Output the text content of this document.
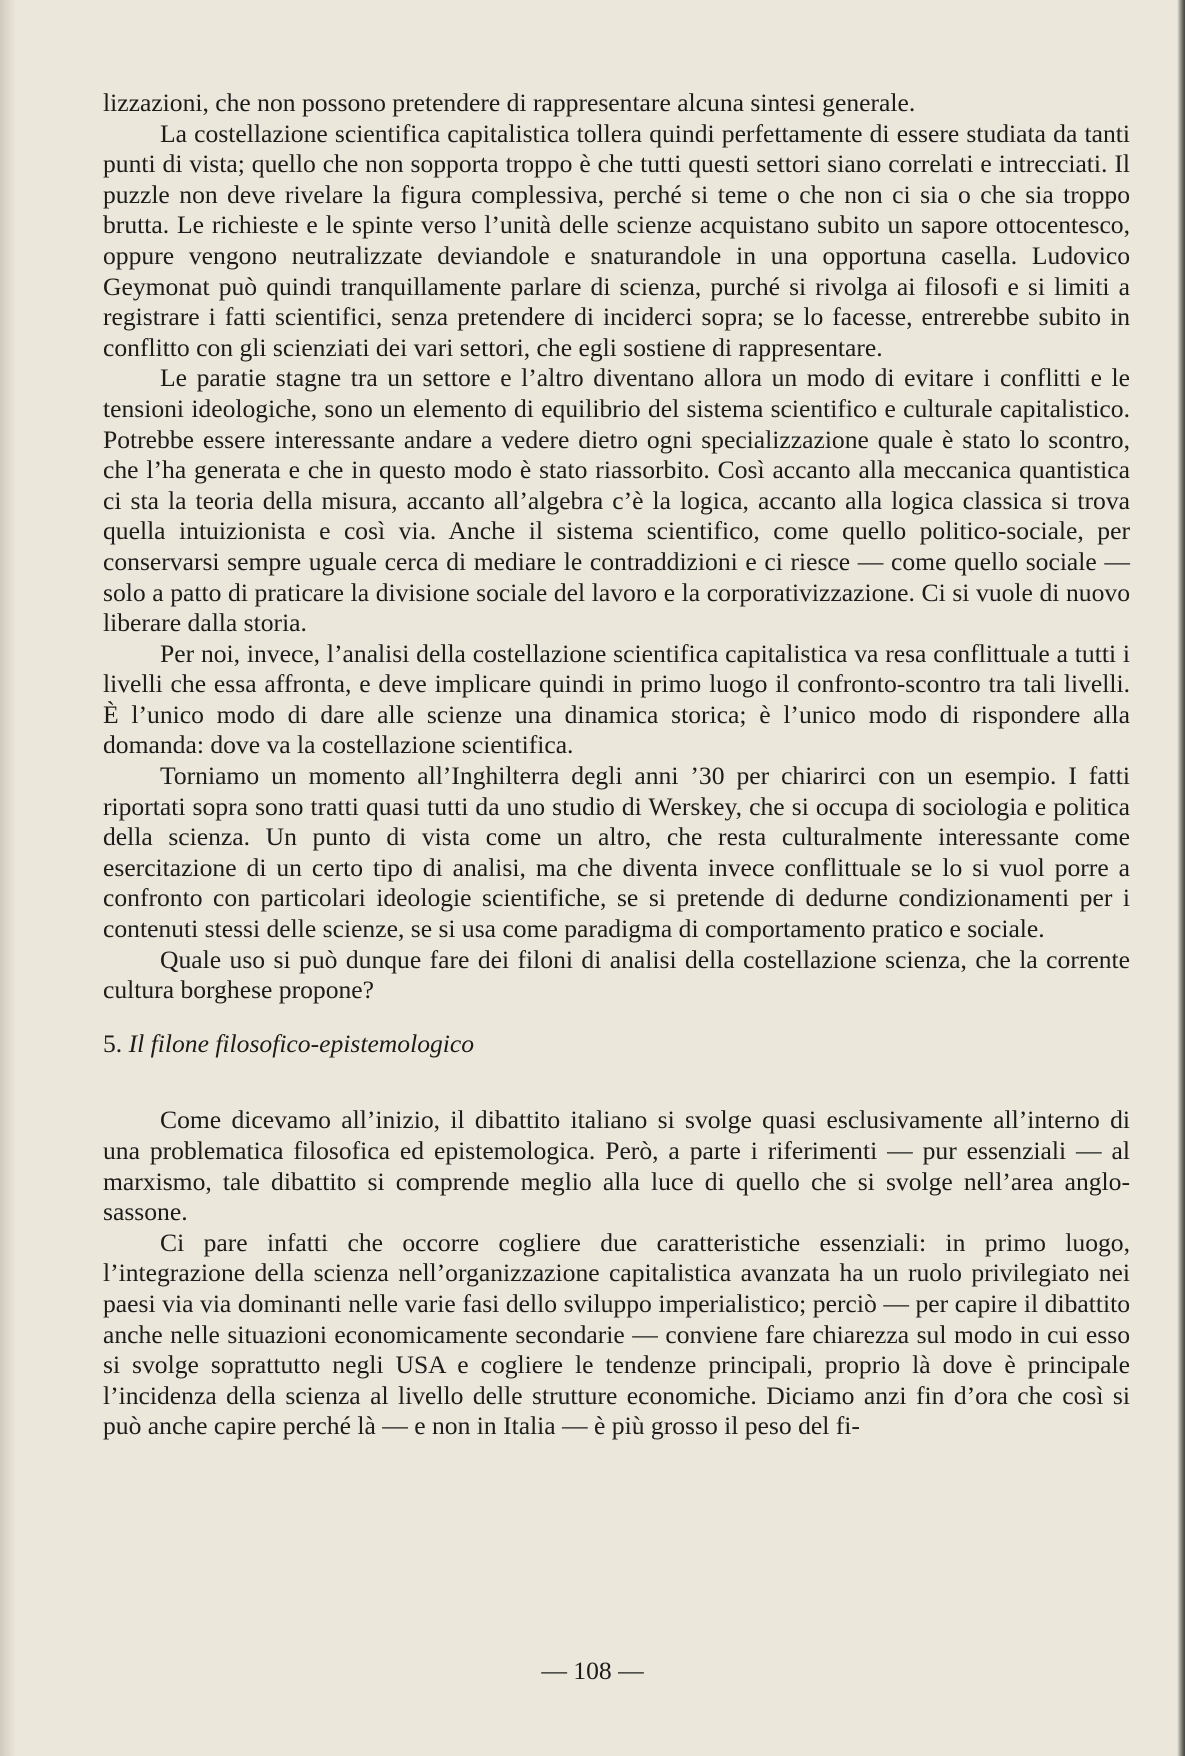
lizzazioni, che non possono pretendere di rappresentare alcuna sintesi generale.

La costellazione scientifica capitalistica tollera quindi perfettamente di essere studiata da tanti punti di vista; quello che non sopporta troppo è che tutti questi settori siano correlati e intrecciati. Il puzzle non deve rivelare la figura complessiva, perché si teme o che non ci sia o che sia troppo brutta. Le richieste e le spinte verso l’unità delle scienze acquistano subito un sapore ottocentesco, oppure vengono neutralizzate deviandole e snaturandole in una opportuna casella. Ludovico Geymonat può quindi tranquillamente parlare di scienza, purché si rivolga ai filosofi e si limiti a registrare i fatti scientifici, senza pretendere di inciderci sopra; se lo facesse, entrerebbe subito in conflitto con gli scienziati dei vari settori, che egli sostiene di rappresentare.

Le paratie stagne tra un settore e l’altro diventano allora un modo di evitare i conflitti e le tensioni ideologiche, sono un elemento di equilibrio del sistema scientifico e culturale capitalistico. Potrebbe essere interessante andare a vedere dietro ogni specializzazione quale è stato lo scontro, che l’ha generata e che in questo modo è stato riassorbito. Così accanto alla meccanica quantistica ci sta la teoria della misura, accanto all’algebra c’è la logica, accanto alla logica classica si trova quella intuizionista e così via. Anche il sistema scientifico, come quello politico-sociale, per conservarsi sempre uguale cerca di mediare le contraddizioni e ci riesce — come quello sociale — solo a patto di praticare la divisione sociale del lavoro e la corporativizzazione. Ci si vuole di nuovo liberare dalla storia.

Per noi, invece, l’analisi della costellazione scientifica capitalistica va resa conflittuale a tutti i livelli che essa affronta, e deve implicare quindi in primo luogo il confronto-scontro tra tali livelli. È l’unico modo di dare alle scienze una dinamica storica; è l’unico modo di rispondere alla domanda: dove va la costellazione scientifica.

Torniamo un momento all’Inghilterra degli anni ’30 per chiarirci con un esempio. I fatti riportati sopra sono tratti quasi tutti da uno studio di Werskey, che si occupa di sociologia e politica della scienza. Un punto di vista come un altro, che resta culturalmente interessante come esercitazione di un certo tipo di analisi, ma che diventa invece conflittuale se lo si vuol porre a confronto con particolari ideologie scientifiche, se si pretende di dedurne condizionamenti per i contenuti stessi delle scienze, se si usa come paradigma di comportamento pratico e sociale.

Quale uso si può dunque fare dei filoni di analisi della costellazione scienza, che la corrente cultura borghese propone?

5. Il filone filosofico-epistemologico

Come dicevamo all’inizio, il dibattito italiano si svolge quasi esclusivamente all’interno di una problematica filosofica ed epistemologica. Però, a parte i riferimenti — pur essenziali — al marxismo, tale dibattito si comprende meglio alla luce di quello che si svolge nell’area anglo-sassone.

Ci pare infatti che occorre cogliere due caratteristiche essenziali: in primo luogo, l’integrazione della scienza nell’organizzazione capitalistica avanzata ha un ruolo privilegiato nei paesi via via dominanti nelle varie fasi dello sviluppo imperialistico; perciò — per capire il dibattito anche nelle situazioni economicamente secondarie — conviene fare chiarezza sul modo in cui esso si svolge soprattutto negli USA e cogliere le tendenze principali, proprio là dove è principale l’incidenza della scienza al livello delle strutture economiche. Diciamo anzi fin d’ora che così si può anche capire perché là — e non in Italia — è più grosso il peso del fi-

— 108 —
